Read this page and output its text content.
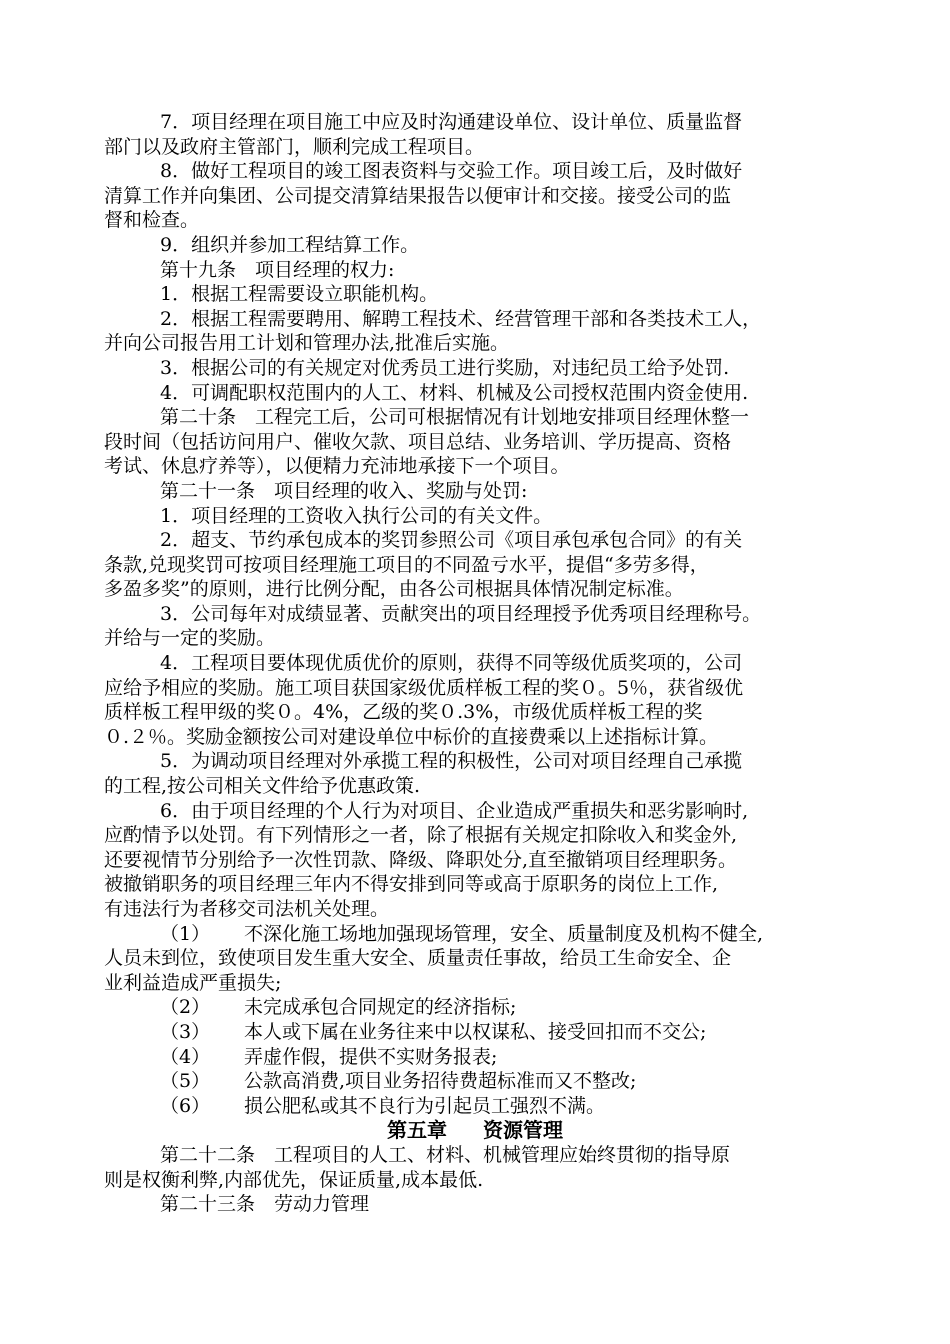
7．项目经理在项目施工中应及时沟通建设单位、设计单位、质量监督
部门以及政府主管部门，顺利完成工程项目。
8．做好工程项目的竣工图表资料与交验工作。项目竣工后，及时做好
清算工作并向集团、公司提交清算结果报告以便审计和交接。接受公司的监
督和检查。
9．组织并参加工程结算工作。
第十九条　项目经理的权力:
1．根据工程需要设立职能机构。
2．根据工程需要聘用、解聘工程技术、经营管理干部和各类技术工人，
并向公司报告用工计划和管理办法,批准后实施。
3．根据公司的有关规定对优秀员工进行奖励，对违纪员工给予处罚.
4．可调配职权范围内的人工、材料、机械及公司授权范围内资金使用.
第二十条　工程完工后，公司可根据情况有计划地安排项目经理休整一
段时间（包括访问用户、催收欠款、项目总结、业务培训、学历提高、资格
考试、休息疗养等），以便精力充沛地承接下一个项目。
第二十一条　项目经理的收入、奖励与处罚:
1．项目经理的工资收入执行公司的有关文件。
2．超支、节约承包成本的奖罚参照公司《项目承包承包合同》的有关
条款,兑现奖罚可按项目经理施工项目的不同盈亏水平，提倡“多劳多得，
多盈多奖”的原则，进行比例分配，由各公司根据具体情况制定标准。
3．公司每年对成绩显著、贡献突出的项目经理授予优秀项目经理称号。
并给与一定的奖励。
4．工程项目要体现优质优价的原则，获得不同等级优质奖项的，公司
应给予相应的奖励。施工项目获国家级优质样板工程的奖０。5％，获省级优
质样板工程甲级的奖０。4%，乙级的奖０.3%，市级优质样板工程的奖
０.２％。奖励金额按公司对建设单位中标价的直接费乘以上述指标计算。
5．为调动项目经理对外承揽工程的积极性，公司对项目经理自己承揽
的工程,按公司相关文件给予优惠政策.
6．由于项目经理的个人行为对项目、企业造成严重损失和恶劣影响时,
应酌情予以处罚。有下列情形之一者，除了根据有关规定扣除收入和奖金外,
还要视情节分别给予一次性罚款、降级、降职处分,直至撤销项目经理职务。
被撤销职务的项目经理三年内不得安排到同等或高于原职务的岗位上工作,
有违法行为者移交司法机关处理。
（1）	不深化施工场地加强现场管理，安全、质量制度及机构不健全,
人员未到位，致使项目发生重大安全、质量责任事故，给员工生命安全、企
业利益造成严重损失;
（2）	未完成承包合同规定的经济指标;
（3）	本人或下属在业务往来中以权谋私、接受回扣而不交公;
（4）	弄虚作假，提供不实财务报表;
（5）	公款高消费,项目业务招待费超标准而又不整改;
（6）	损公肥私或其不良行为引起员工强烈不满。
第五章 资源管理
第二十二条　工程项目的人工、材料、机械管理应始终贯彻的指导原
则是权衡利弊,内部优先，保证质量,成本最低.
第二十三条　劳动力管理
